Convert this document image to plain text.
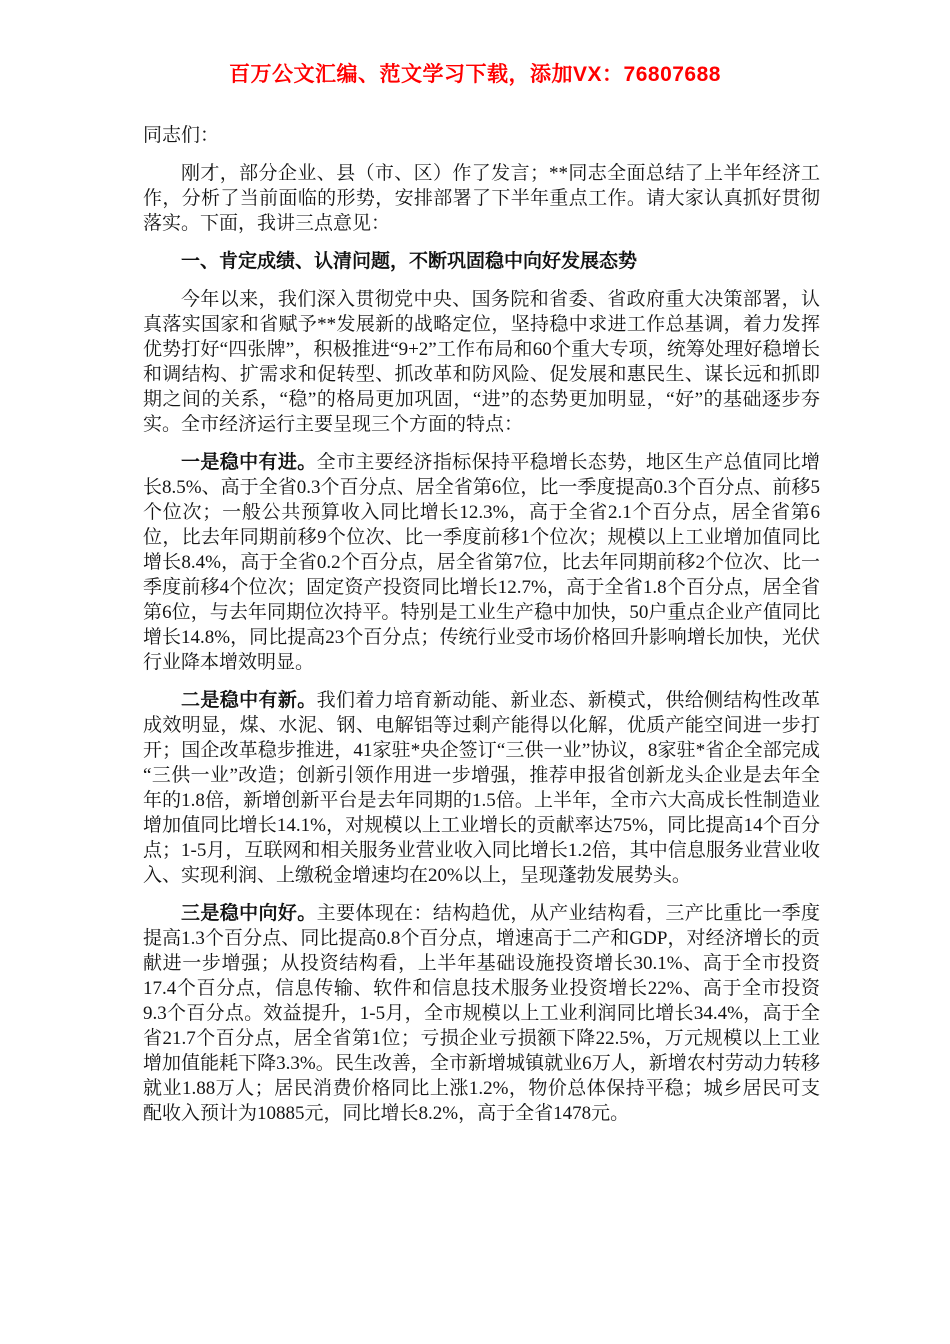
百万公文汇编、范文学习下载，添加VX：76807688

同志们：

刚才，部分企业、县（市、区）作了发言；**同志全面总结了上半年经济工作，分析了当前面临的形势，安排部署了下半年重点工作。请大家认真抓好贯彻落实。下面，我讲三点意见：

一、肯定成绩、认清问题，不断巩固稳中向好发展态势

今年以来，我们深入贯彻党中央、国务院和省委、省政府重大决策部署，认真落实国家和省赋予**发展新的战略定位，坚持稳中求进工作总基调，着力发挥优势打好“四张牌”，积极推进“9+2”工作布局和60个重大专项，统筹处理好稳增长和调结构、扩需求和促转型、抓改革和防风险、促发展和惠民生、谋长远和抓即期之间的关系，“稳”的格局更加巩固，“进”的态势更加明显，“好”的基础逐步夯实。全市经济运行主要呈现三个方面的特点：

一是稳中有进。全市主要经济指标保持平稳增长态势，地区生产总值同比增长8.5%、高于全省0.3个百分点、居全省第6位，比一季度提高0.3个百分点、前移5个位次；一般公共预算收入同比增长12.3%，高于全省2.1个百分点，居全省第6位，比去年同期前移9个位次、比一季度前移1个位次；规模以上工业增加值同比增长8.4%，高于全省0.2个百分点，居全省第7位，比去年同期前移2个位次、比一季度前移4个位次；固定资产投资同比增长12.7%，高于全省1.8个百分点，居全省第6位，与去年同期位次持平。特别是工业生产稳中加快，50户重点企业产值同比增长14.8%，同比提高23个百分点；传统行业受市场价格回升影响增长加快，光伏行业降本增效明显。

二是稳中有新。我们着力培育新动能、新业态、新模式，供给侧结构性改革成效明显，煤、水泥、钢、电解铝等过剩产能得以化解，优质产能空间进一步打开；国企改革稳步推进，41家驻*央企签订“三供一业”协议，8家驻*省企全部完成“三供一业”改造；创新引领作用进一步增强，推荐申报省创新龙头企业是去年全年的1.8倍，新增创新平台是去年同期的1.5倍。上半年，全市六大高成长性制造业增加值同比增长14.1%，对规模以上工业增长的贡献率达75%，同比提高14个百分点；1-5月，互联网和相关服务业营业收入同比增长1.2倍，其中信息服务业营业收入、实现利润、上缴税金增速均在20%以上，呈现蓬勃发展势头。

三是稳中向好。主要体现在：结构趋优，从产业结构看，三产比重比一季度提高1.3个百分点、同比提高0.8个百分点，增速高于二产和GDP，对经济增长的贡献进一步增强；从投资结构看，上半年基础设施投资增长30.1%、高于全市投资17.4个百分点，信息传输、软件和信息技术服务业投资增长22%、高于全市投资9.3个百分点。效益提升，1-5月，全市规模以上工业利润同比增长34.4%，高于全省21.7个百分点，居全省第1位；亏损企业亏损额下降22.5%，万元规模以上工业增加值能耗下降3.3%。民生改善，全市新增城镇就业6万人，新增农村劳动力转移就业1.88万人；居民消费价格同比上涨1.2%，物价总体保持平稳；城乡居民可支配收入预计为10885元，同比增长8.2%，高于全省1478元。
